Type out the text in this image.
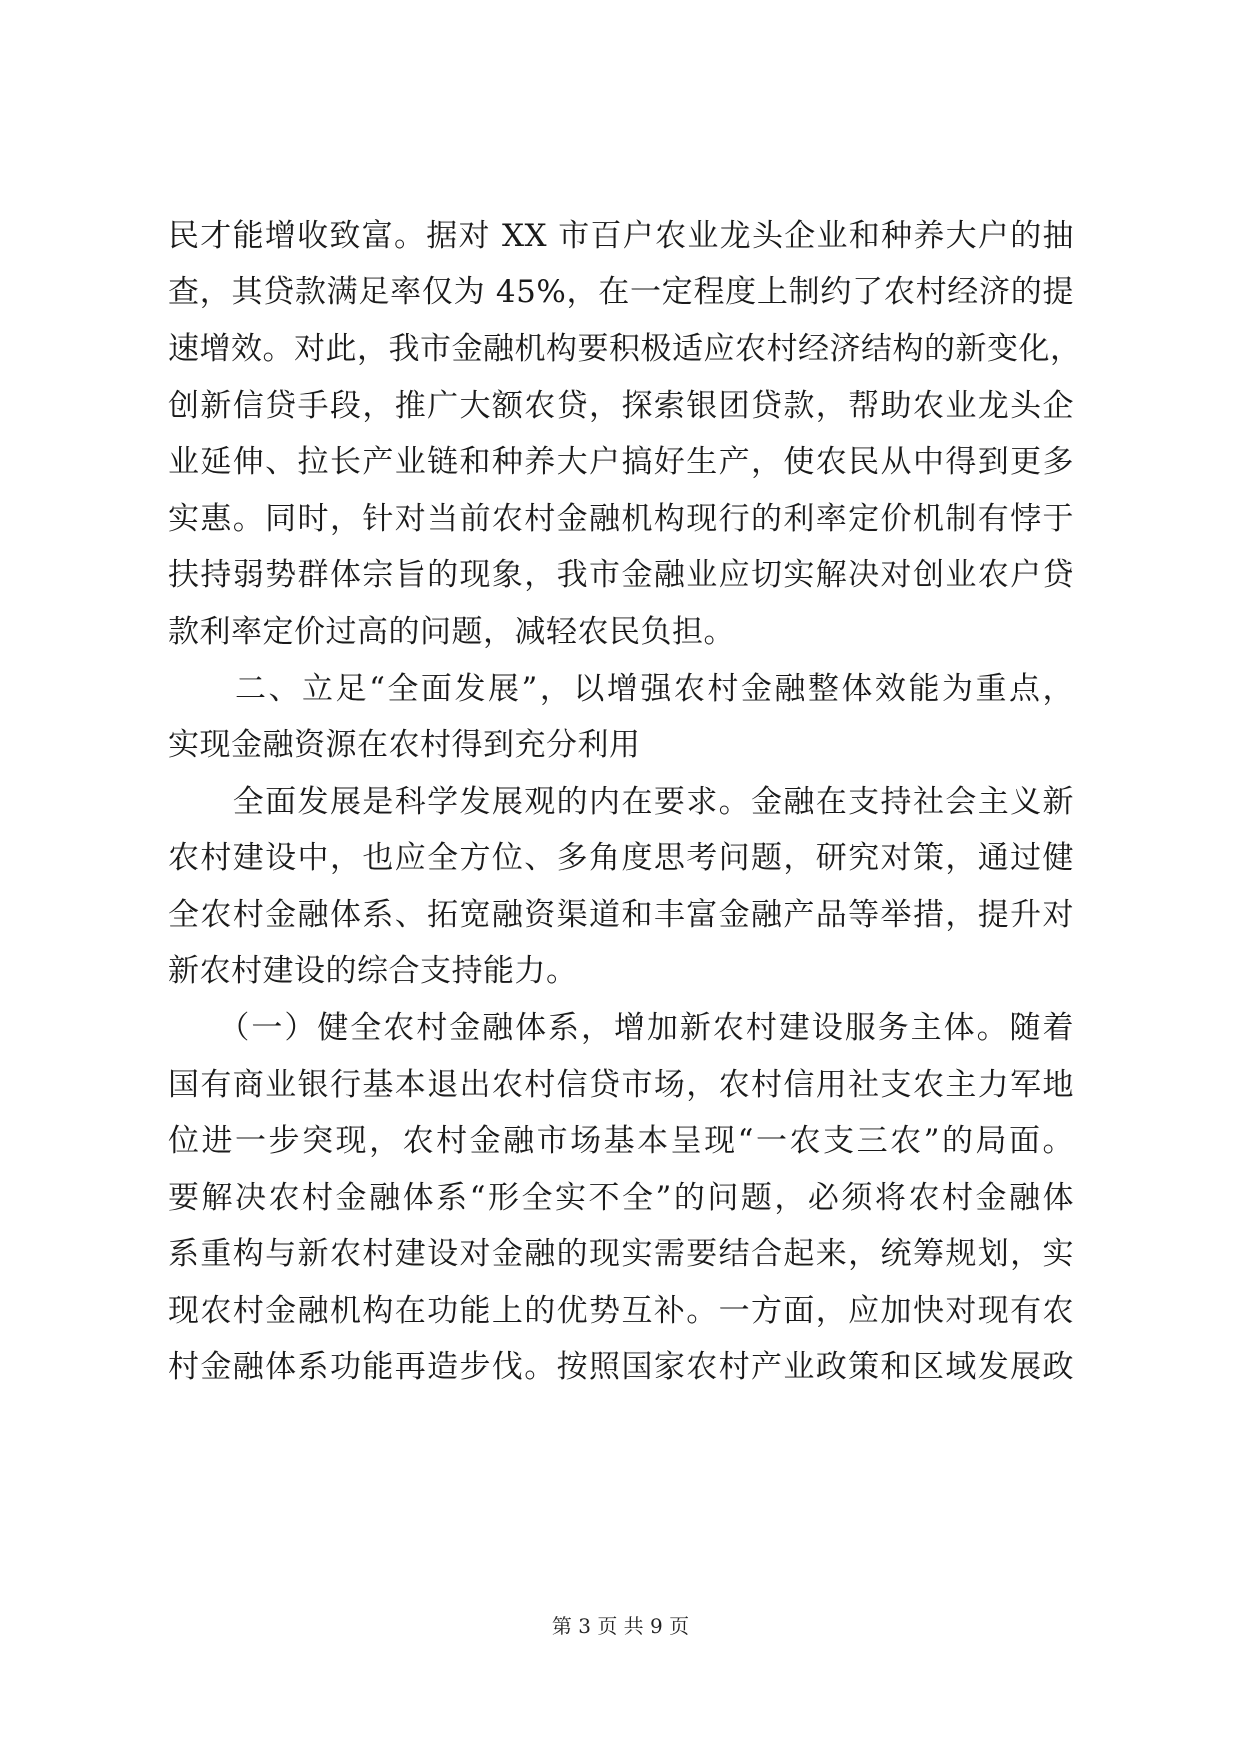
民才能增收致富。据对 XX 市百户农业龙头企业和种养大户的抽
查，其贷款满足率仅为 45%，在一定程度上制约了农村经济的提
速增效。对此，我市金融机构要积极适应农村经济结构的新变化，
创新信贷手段，推广大额农贷，探索银团贷款，帮助农业龙头企
业延伸、拉长产业链和种养大户搞好生产，使农民从中得到更多
实惠。同时，针对当前农村金融机构现行的利率定价机制有悖于
扶持弱势群体宗旨的现象，我市金融业应切实解决对创业农户贷
款利率定价过高的问题，减轻农民负担。
　　二、立足“全面发展”，以增强农村金融整体效能为重点，
实现金融资源在农村得到充分利用
　　全面发展是科学发展观的内在要求。金融在支持社会主义新
农村建设中，也应全方位、多角度思考问题，研究对策，通过健
全农村金融体系、拓宽融资渠道和丰富金融产品等举措，提升对
新农村建设的综合支持能力。
　　（一）健全农村金融体系，增加新农村建设服务主体。随着
国有商业银行基本退出农村信贷市场，农村信用社支农主力军地
位进一步突现，农村金融市场基本呈现“一农支三农”的局面。
要解决农村金融体系“形全实不全”的问题，必须将农村金融体
系重构与新农村建设对金融的现实需要结合起来，统筹规划，实
现农村金融机构在功能上的优势互补。一方面，应加快对现有农
村金融体系功能再造步伐。按照国家农村产业政策和区域发展政
第 3 页 共 9 页
